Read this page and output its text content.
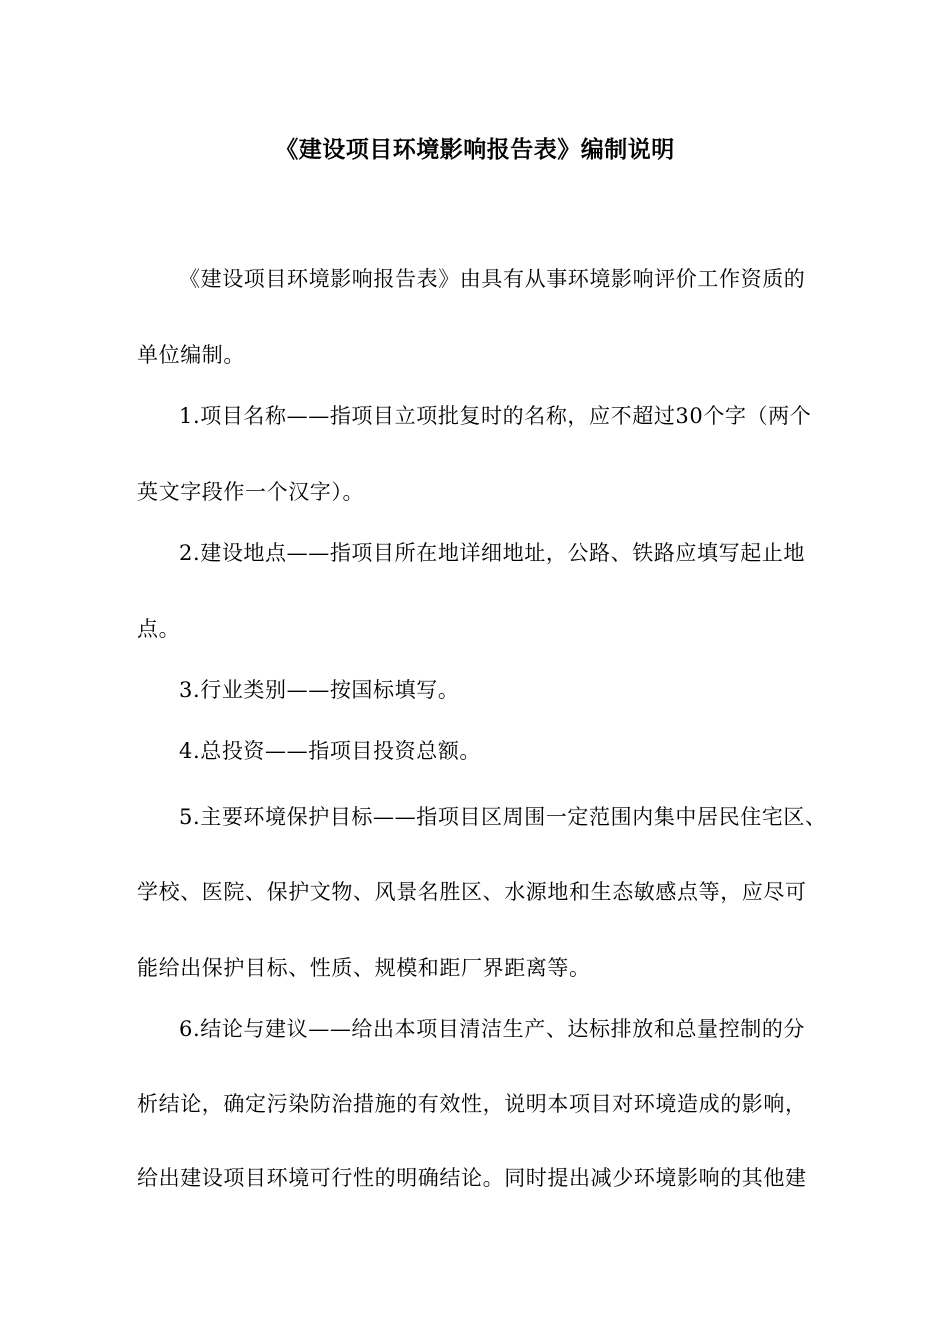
《建设项目环境影响报告表》编制说明
《建设项目环境影响报告表》由具有从事环境影响评价工作资质的
单位编制。
1.项目名称——指项目立项批复时的名称，应不超过30个字（两个
英文字段作一个汉字）。
2.建设地点——指项目所在地详细地址，公路、铁路应填写起止地
点。
3.行业类别——按国标填写。
4.总投资——指项目投资总额。
5.主要环境保护目标——指项目区周围一定范围内集中居民住宅区、
学校、医院、保护文物、风景名胜区、水源地和生态敏感点等，应尽可
能给出保护目标、性质、规模和距厂界距离等。
6.结论与建议——给出本项目清洁生产、达标排放和总量控制的分
析结论，确定污染防治措施的有效性，说明本项目对环境造成的影响，
给出建设项目环境可行性的明确结论。同时提出减少环境影响的其他建
